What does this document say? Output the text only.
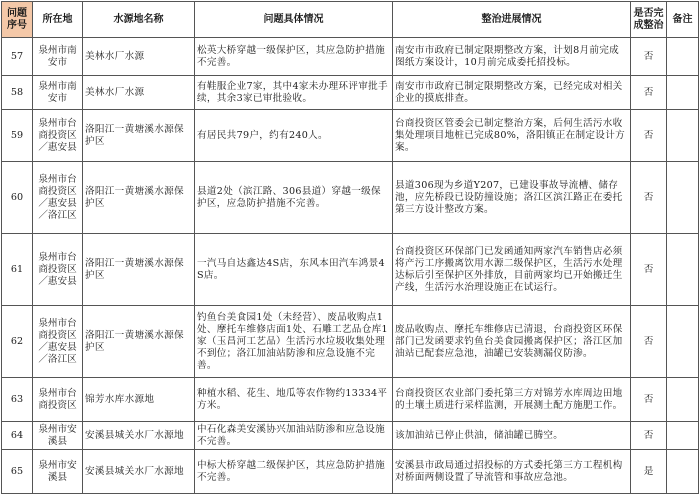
问题序号	所在地	水源地名称	问题具体情况	整治进展情况	是否完成整治	备注
57	泉州市南安市	美林水厂水源	松英大桥穿越一级保护区，其应急防护措施不完善。	南安市市政府已制定限期整改方案，计划8月前完成图纸方案设计，10月前完成委托招投标。	否	
58	泉州市南安市	美林水厂水源	有鞋服企业7家，其中4家未办理环评审批手续，其余3家已审批验收。	南安市市政府已制定限期整改方案，已经完成对相关企业的摸底排查。	否	
59	泉州市台商投资区／惠安县	洛阳江一黄塘溪水源保护区	有居民共79户，约有240人。	台商投资区管委会已制定整治方案，后何生活污水收集处理项目地桩已完成80%，洛阳镇正在制定设计方案。	否	
60	泉州市台商投资区／惠安县／洛江区	洛阳江一黄塘溪水源保护区	县道2处（滨江路、306县道）穿越一级保护区，应急防护措施不完善。	县道306现为乡道Y207，已建设事故导流槽、储存池，应先桥段已设防撞设施；洛江区滨江路正在委托第三方设计整改方案。	否	
61	泉州市台商投资区／惠安县	洛阳江一黄塘溪水源保护区	一汽马自达鑫达4S店，东风本田汽车鸿景4S店。	台商投资区环保部门已发函通知两家汽车销售店必须将产污工序搬离饮用水源二级保护区，生活污水处理达标后引至保护区外排放，目前两家均已开始搬迁生产线，生活污水治理设施正在试运行。	否	
62	泉州市台商投资区／惠安县／洛江区	洛阳江一黄塘溪水源保护区	钓鱼台美食园1处（未经营）、废品收购点1处、摩托车维修店面1处、石雕工艺品仓库1家（玉昌河工艺品）生活污水垃圾收集处理不到位；洛江加油站防渗和应急设施不完善。	废品收购点、摩托车维修店已清退，台商投资区环保部门已发函要求钓鱼台美食园搬离保护区；洛江区加油站已配套应急池，油罐已安装测漏仪防渗。	否	
63	泉州市台商投资区	锦芳水库水源地	种植水稻、花生、地瓜等农作物约13334平方米。	台商投资区农业部门委托第三方对锦芳水库周边田地的土壤土质进行采样监测，开展测土配方施肥工作。	否	
64	泉州市安溪县	安溪县城关水厂水源地	中石化森美安溪协兴加油站防渗和应急设施不完善。	该加油站已停止供油，储油罐已腾空。	否	
65	泉州市安溪县	安溪县城关水厂水源地	中标大桥穿越二级保护区，其应急防护措施不完善。	安溪县市政局通过招投标的方式委托第三方工程机构对桥面两侧设置了导流管和事故应急池。	是	
